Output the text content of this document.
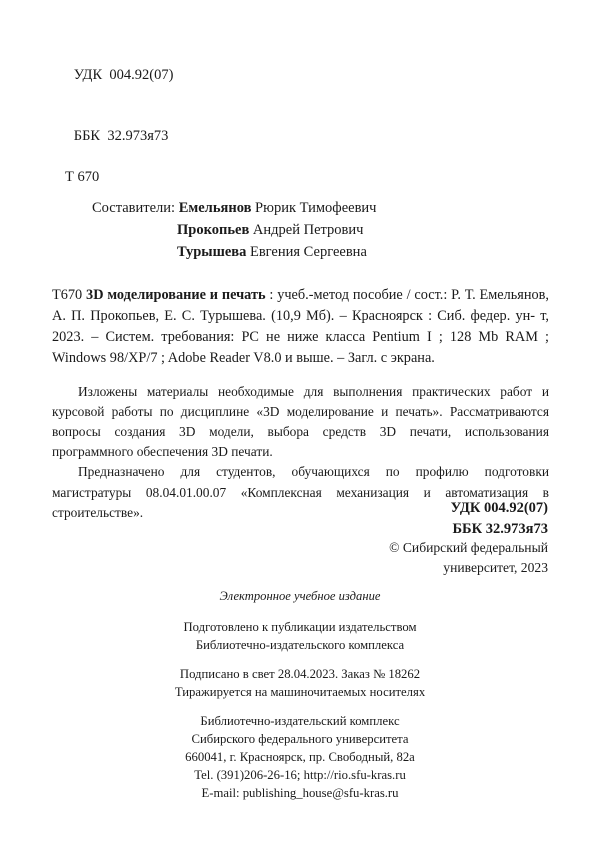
УДК 004.92(07)

ББК 32.973я73

Т 670
Составители: Емельянов Рюрик Тимофеевич
Прокопьев Андрей Петрович
Турышева Евгения Сергеевна
Т670 3D моделирование и печать : учеб.-метод пособие / сост.: Р. Т. Емельянов, А. П. Прокопьев, Е. С. Турышева. (10,9 Мб). – Красноярск : Сиб. федер. ун- т, 2023. – Систем. требования: PC не ниже класса Pentium I ; 128 Mb RAM ; Windows 98/XP/7 ; Adobe Reader V8.0 и выше. – Загл. с экрана.

Изложены материалы необходимые для выполнения практических работ и курсовой работы по дисциплине «3D моделирование и печать». Рассматриваются вопросы создания 3D модели, выбора средств 3D печати, использования программного обеспечения 3D печати.

Предназначено для студентов, обучающихся по профилю подготовки магистратуры 08.04.01.00.07 «Комплексная механизация и автоматизация в строительстве».	УДК 004.92(07)
ББК 32.973я73
© Сибирский федеральный
университет, 2023
Электронное учебное издание
Подготовлено к публикации издательством
Библиотечно-издательского комплекса
Подписано в свет 28.04.2023. Заказ № 18262
Тиражируется на машиночитаемых носителях
Библиотечно-издательский комплекс
Сибирского федерального университета
660041, г. Красноярск, пр. Свободный, 82а
Tel. (391)206-26-16; http://rio.sfu-kras.ru
E-mail: publishing_house@sfu-kras.ru
